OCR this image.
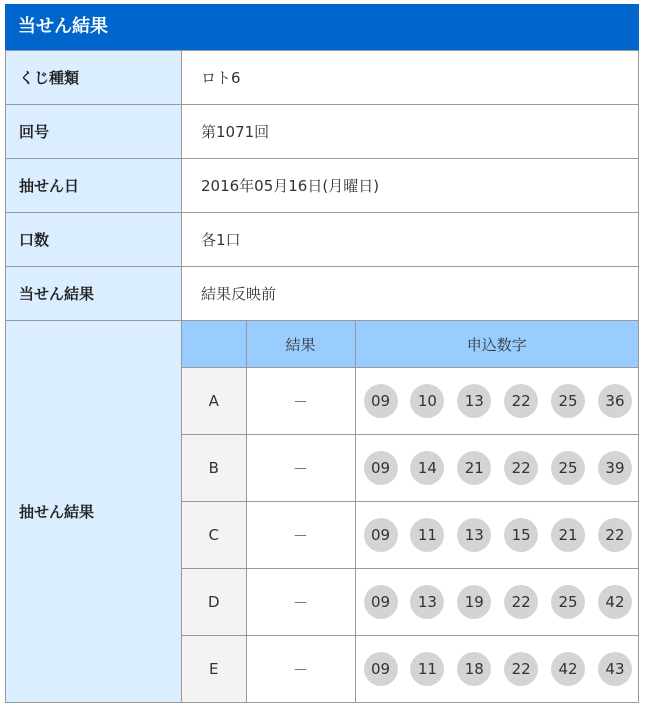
当せん結果
くじ種類	ロト6
回号	第1071回
抽せん日	2016年05月16日(月曜日)
口数	各1口
当せん結果	結果反映前
抽せん結果	
	結果	申込数字
A	－	09	10	13	22	25	36

B	－	09	14	21	22	25	39

C	－	09	11	13	15	21	22

D	－	09	13	19	22	25	42

E	－	09	11	18	22	42	43
